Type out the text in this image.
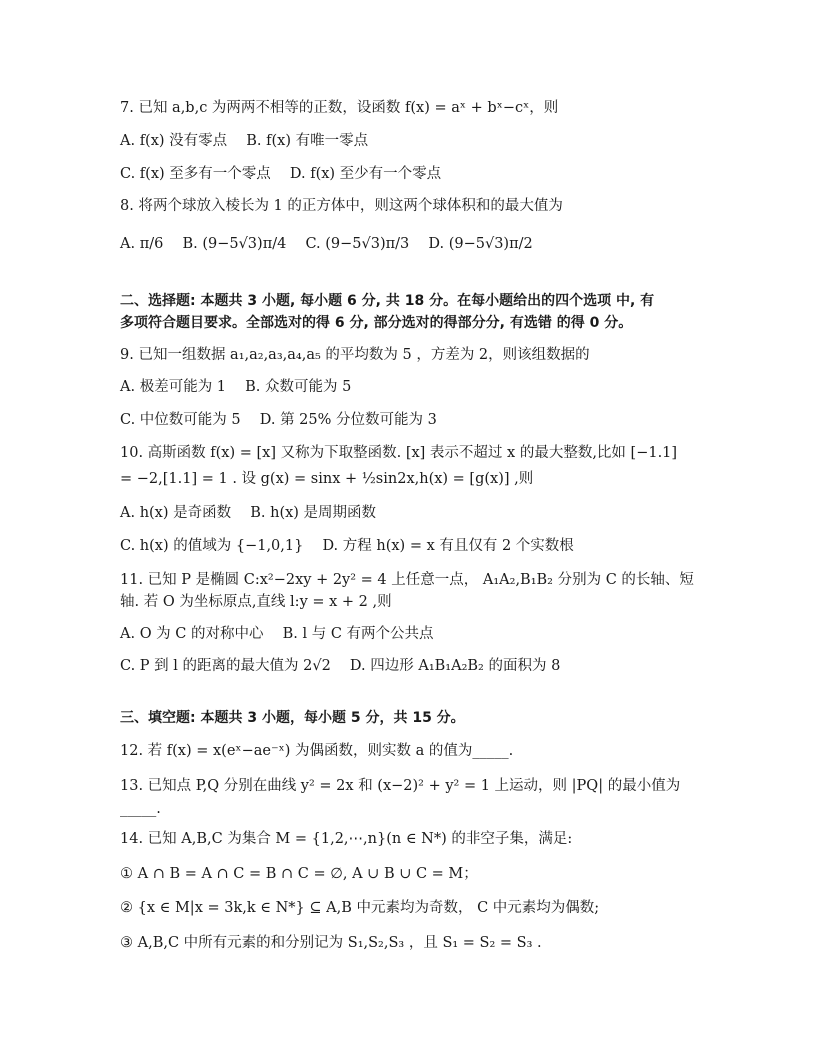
7. 已知 a,b,c 为两两不相等的正数，设函数 f(x) = aˣ + bˣ−cˣ，则
A. f(x) 没有零点　 B. f(x) 有唯一零点
C. f(x) 至多有一个零点　 D. f(x) 至少有一个零点
8. 将两个球放入棱长为 1 的正方体中，则这两个球体积和的最大值为
A. π/6　 B. (9−5√3)π/4　 C. (9−5√3)π/3　 D. (9−5√3)π/2
二、选择题: 本题共 3 小题, 每小题 6 分, 共 18 分。在每小题给出的四个选项 中, 有
多项符合题目要求。全部选对的得 6 分, 部分选对的得部分分, 有选错 的得 0 分。
9. 已知一组数据 a₁,a₂,a₃,a₄,a₅ 的平均数为 5 ，方差为 2，则该组数据的
A. 极差可能为 1　 B. 众数可能为 5
C. 中位数可能为 5　 D. 第 25% 分位数可能为 3
10. 高斯函数 f(x) = [x] 又称为下取整函数. [x] 表示不超过 x 的最大整数,比如 [−1.1]
= −2,[1.1] = 1 . 设 g(x) = sinx + ½sin2x,h(x) = [g(x)] ,则
A. h(x) 是奇函数　 B. h(x) 是周期函数
C. h(x) 的值域为 {−1,0,1}　 D. 方程 h(x) = x 有且仅有 2 个实数根
11. 已知 P 是椭圆 C:x²−2xy + 2y² = 4 上任意一点， A₁A₂,B₁B₂ 分别为 C 的长轴、短
轴. 若 O 为坐标原点,直线 l:y = x + 2 ,则
A. O 为 C 的对称中心　 B. l 与 C 有两个公共点
C. P 到 l 的距离的最大值为 2√2　 D. 四边形 A₁B₁A₂B₂ 的面积为 8
三、填空题: 本题共 3 小题，每小题 5 分，共 15 分。
12. 若 f(x) = x(eˣ−ae⁻ˣ) 为偶函数，则实数 a 的值为_____.
13. 已知点 P,Q 分别在曲线 y² = 2x 和 (x−2)² + y² = 1 上运动，则 |PQ| 的最小值为
_____.
14. 已知 A,B,C 为集合 M = {1,2,⋯,n}(n ∈ N*) 的非空子集，满足:
① A ∩ B = A ∩ C = B ∩ C = ∅, A ∪ B ∪ C = M；
② {x ∈ M|x = 3k,k ∈ N*} ⊆ A,B 中元素均为奇数， C 中元素均为偶数;
③ A,B,C 中所有元素的和分别记为 S₁,S₂,S₃ ，且 S₁ = S₂ = S₃ .
